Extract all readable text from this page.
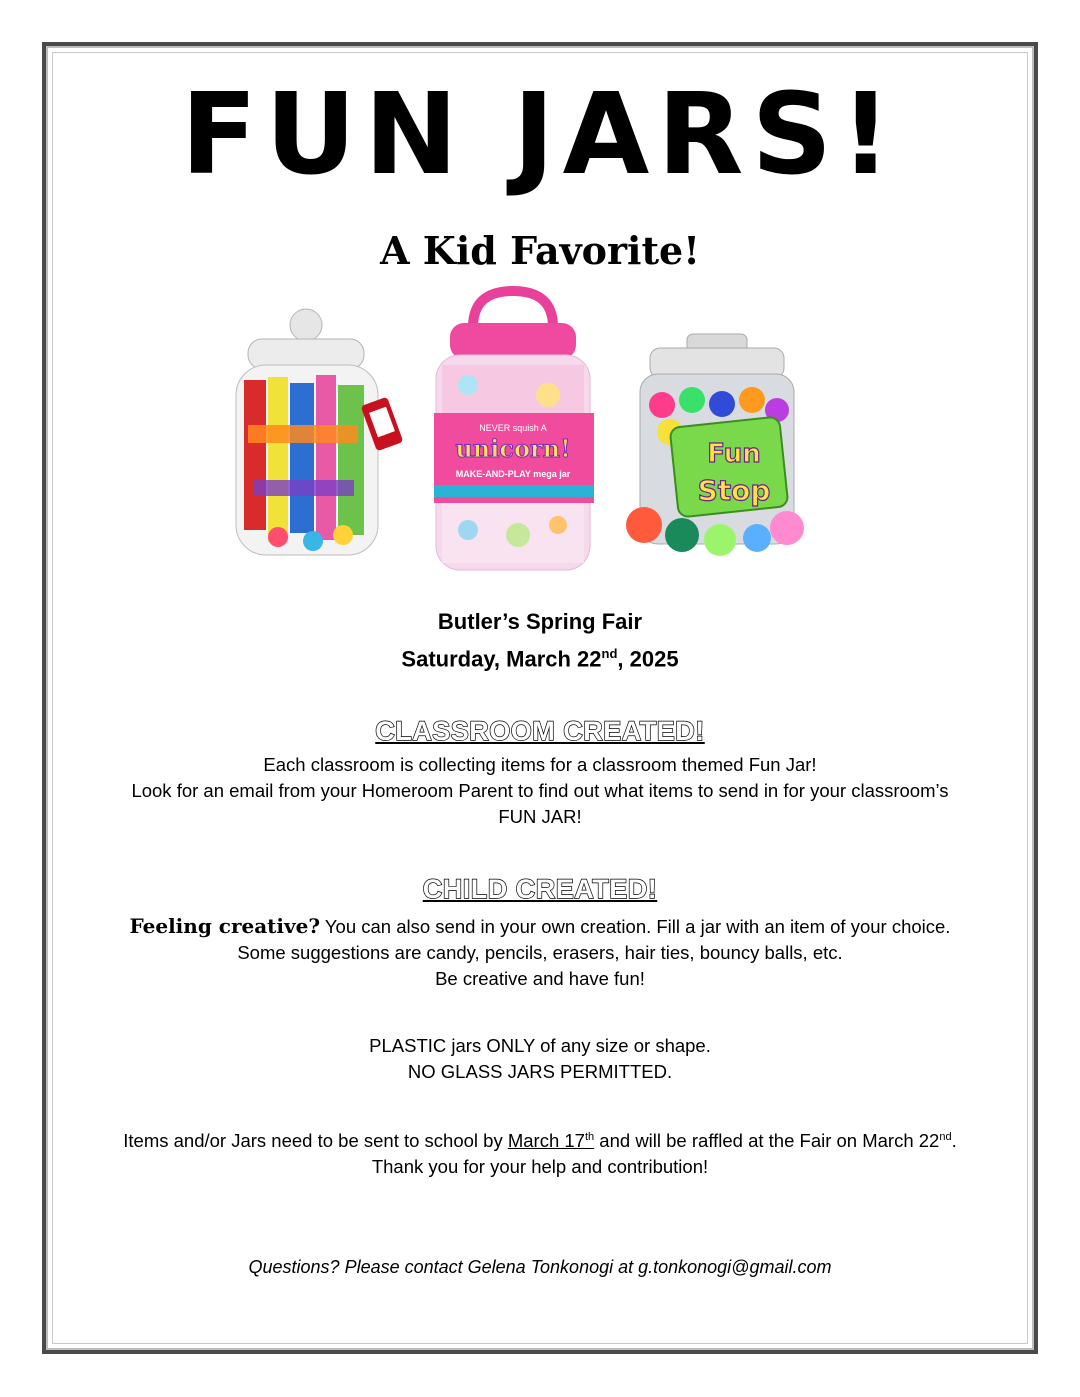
FUN JARS!
A Kid Favorite!
NEVER squish A
unicorn!
MAKE-AND-PLAY mega jar
Fun
Stop
Butler’s Spring Fair
Saturday, March 22nd, 2025
CLASSROOM CREATED!
Each classroom is collecting items for a classroom themed Fun Jar!
Look for an email from your Homeroom Parent to find out what items to send in for your classroom’s
FUN JAR!
CHILD CREATED!
Feeling creative? You can also send in your own creation. Fill a jar with an item of your choice.
Some suggestions are candy, pencils, erasers, hair ties, bouncy balls, etc.
Be creative and have fun!
PLASTIC jars ONLY of any size or shape.
NO GLASS JARS PERMITTED.
Items and/or Jars need to be sent to school by March 17th and will be raffled at the Fair on March 22nd.
Thank you for your help and contribution!
Questions? Please contact Gelena Tonkonogi at g.tonkonogi@gmail.com
